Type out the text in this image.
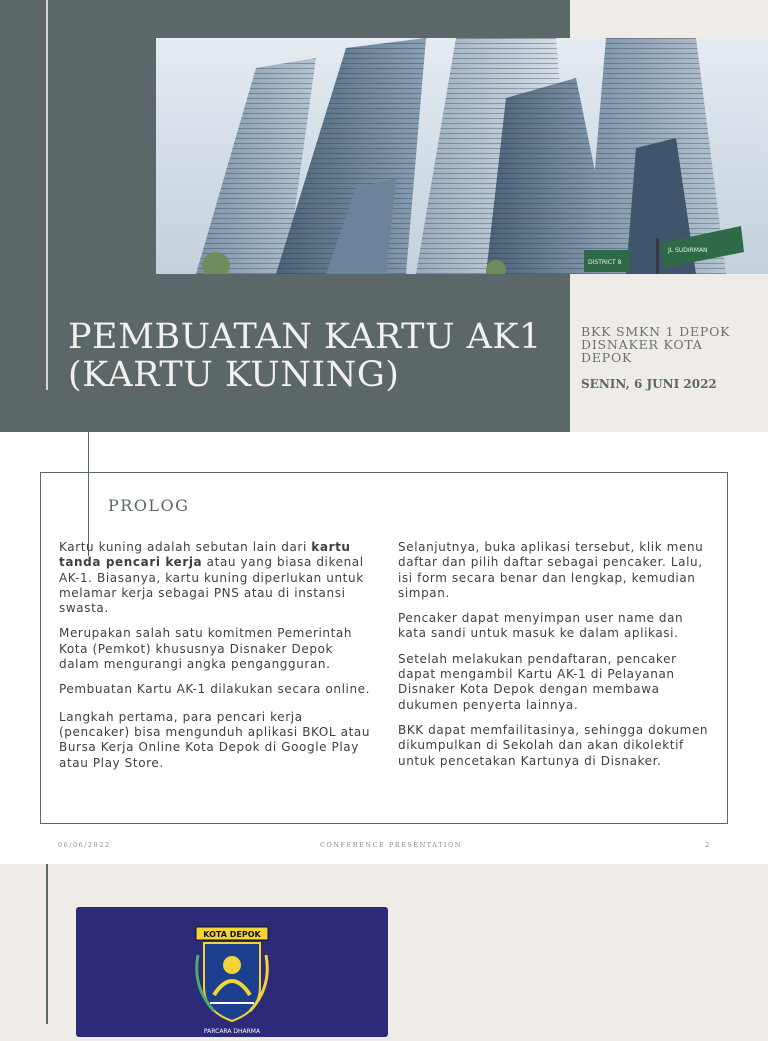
DISTRICT 8
JL SUDIRMAN
PEMBUATAN KARTU AK1 (KARTU KUNING)
BKK SMKN 1 DEPOK DISNAKER KOTA DEPOK
SENIN, 6 JUNI 2022
PROLOG

Kartu kuning adalah sebutan lain dari kartu tanda pencari kerja atau yang biasa dikenal AK-1. Biasanya, kartu kuning diperlukan untuk melamar kerja sebagai PNS atau di instansi swasta.

Merupakan salah satu komitmen Pemerintah Kota (Pemkot) khususnya Disnaker Depok dalam mengurangi angka pengangguran.

Pembuatan Kartu AK-1 dilakukan secara online.

Langkah pertama, para pencari kerja (pencaker) bisa mengunduh aplikasi BKOL atau Bursa Kerja Online Kota Depok di Google Play atau Play Store.

Selanjutnya, buka aplikasi tersebut, klik menu daftar dan pilih daftar sebagai pencaker. Lalu, isi form secara benar dan lengkap, kemudian simpan.

Pencaker dapat menyimpan user name dan kata sandi untuk masuk ke dalam aplikasi.

Setelah melakukan pendaftaran, pencaker dapat mengambil Kartu AK-1 di Pelayanan Disnaker Kota Depok dengan membawa dukumen penyerta lainnya.

BKK dapat memfailitasinya, sehingga dokumen dikumpulkan di Sekolah dan akan dikolektif untuk pencetakan Kartunya di Disnaker.

06/06/2022	CONFERENCE PRESENTATION	2
KOTA DEPOK
PARCARA DHARMA
